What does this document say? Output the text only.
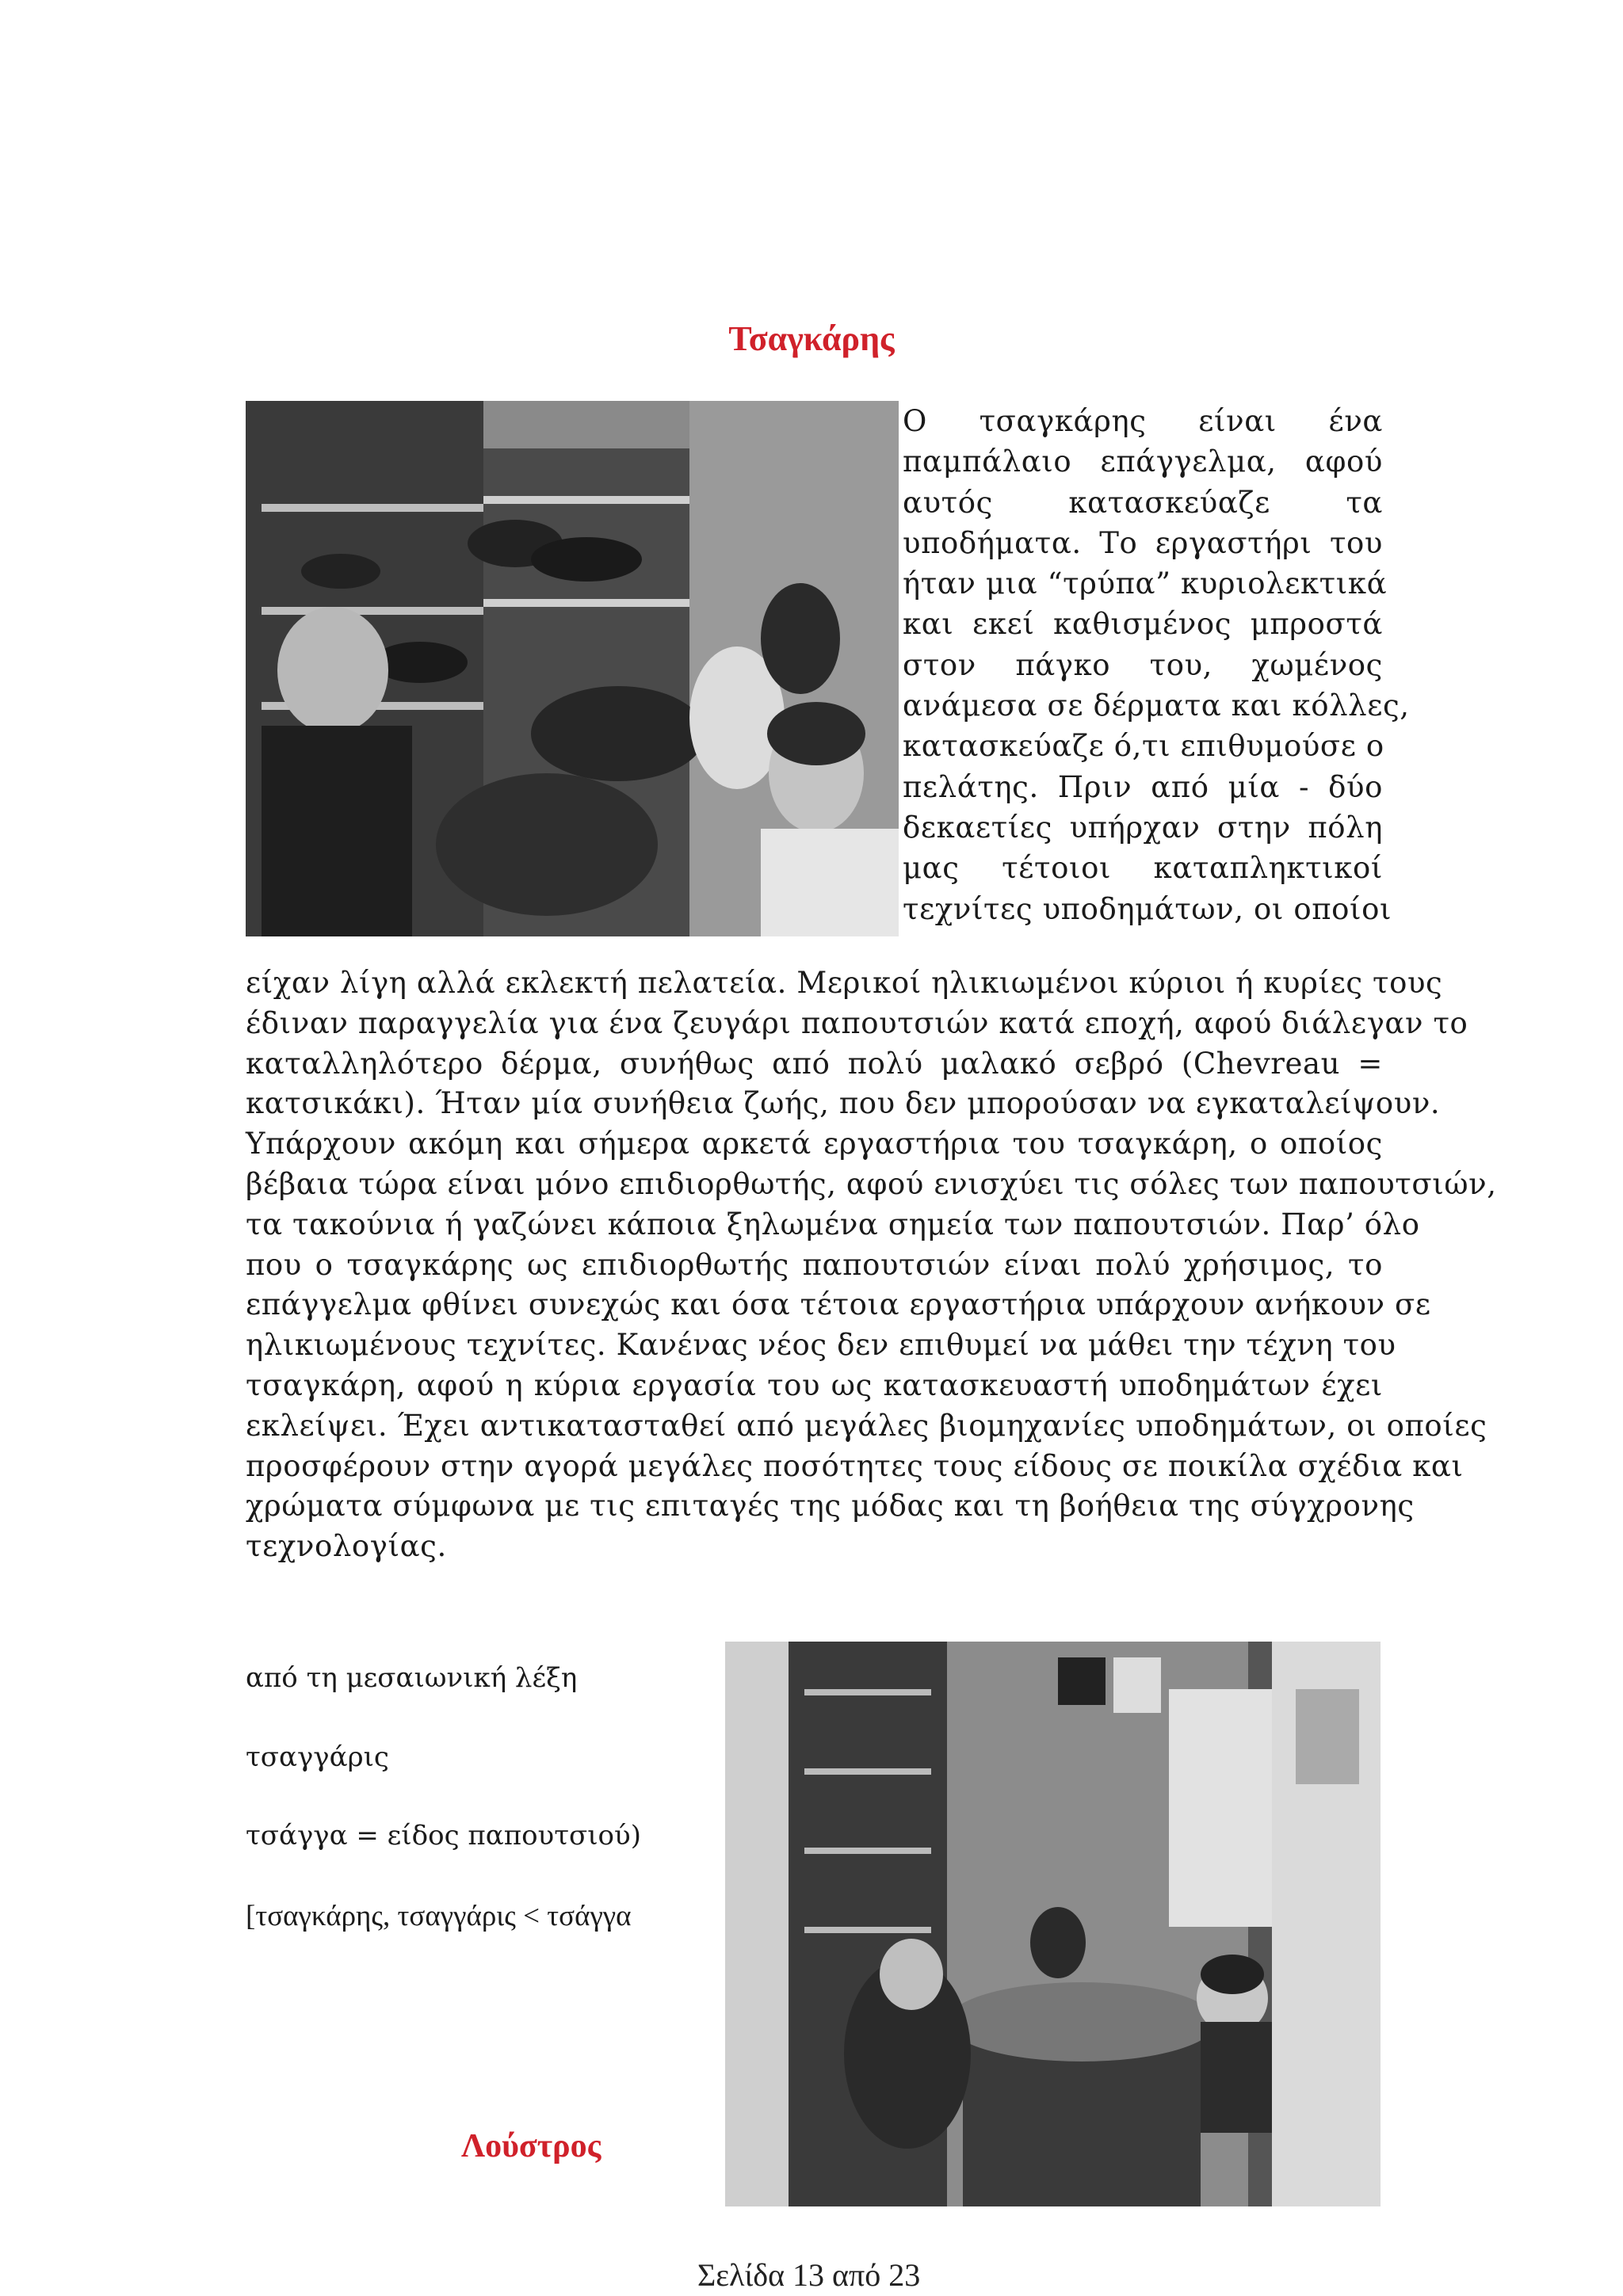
Τσαγκάρης
Ο τσαγκάρης είναι ένα
παμπάλαιο επάγγελμα, αφού
αυτός κατασκεύαζε τα
υποδήματα. Το εργαστήρι του
ήταν μια “τρύπα” κυριολεκτικά
και εκεί καθισμένος μπροστά
στον πάγκο του, χωμένος
ανάμεσα σε δέρματα και κόλλες,
κατασκεύαζε ό,τι επιθυμούσε ο
πελάτης. Πριν από μία - δύο
δεκαετίες υπήρχαν στην πόλη
μας τέτοιοι καταπληκτικοί
τεχνίτες υποδημάτων, οι οποίοι
είχαν λίγη αλλά εκλεκτή πελατεία. Μερικοί ηλικιωμένοι κύριοι ή κυρίες τους
έδιναν παραγγελία για ένα ζευγάρι παπουτσιών κατά εποχή, αφού διάλεγαν το
καταλληλότερο δέρμα, συνήθως από πολύ μαλακό σεβρό (Chevreau =
κατσικάκι). Ήταν μία συνήθεια ζωής, που δεν μπορούσαν να εγκαταλείψουν.
Υπάρχουν ακόμη και σήμερα αρκετά εργαστήρια του τσαγκάρη, ο οποίος
βέβαια τώρα είναι μόνο επιδιορθωτής, αφού ενισχύει τις σόλες των παπουτσιών,
τα τακούνια ή γαζώνει κάποια ξηλωμένα σημεία των παπουτσιών. Παρ’ όλο
που ο τσαγκάρης ως επιδιορθωτής παπουτσιών είναι πολύ χρήσιμος, το
επάγγελμα φθίνει συνεχώς και όσα τέτοια εργαστήρια υπάρχουν ανήκουν σε
ηλικιωμένους τεχνίτες. Κανένας νέος δεν επιθυμεί να μάθει την τέχνη του
τσαγκάρη, αφού η κύρια εργασία του ως κατασκευαστή υποδημάτων έχει
εκλείψει. Έχει αντικατασταθεί από μεγάλες βιομηχανίες υποδημάτων, οι οποίες
προσφέρουν στην αγορά μεγάλες ποσότητες τους είδους σε ποικίλα σχέδια και
χρώματα σύμφωνα με τις επιταγές της μόδας και τη βοήθεια της σύγχρονης
τεχνολογίας.
από τη μεσαιωνική λέξη
τσαγγάρις
τσάγγα = είδος παπουτσιού)
[τσαγκάρης, τσαγγάρις < τσάγγα
Λούστρος
Σελίδα 13 από 23
